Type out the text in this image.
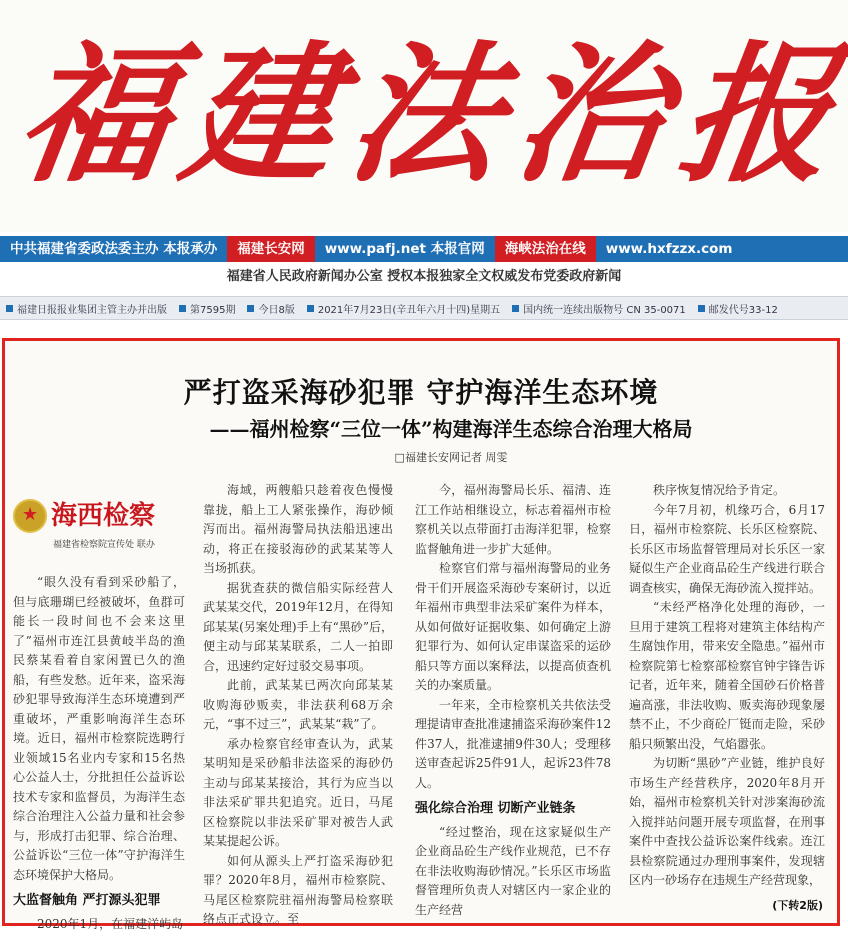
福
建
法
治
报
中共福建省委政法委主办 本报承办	福建长安网	www.pafj.net 本报官网	海峡法治在线	www.hxfzzx.com
福建省人民政府新闻办公室 授权本报独家全文权威发布党委政府新闻
福建日报报业集团主管主办并出版 第7595期 今日8版 2021年7月23日(辛丑年六月十四)星期五 国内统一连续出版物号 CN 35-0071 邮发代号33-12
严打盗采海砂犯罪 守护海洋生态环境
——福州检察“三位一体”构建海洋生态综合治理大格局
□福建长安网记者 周雯
★
海西检察
福建省检察院宣传处 联办

“眼久没有看到采砂船了，但与底珊瑚已经被破坏，鱼群可能长一段时间也不会来这里了”福州市连江县黄岐半岛的渔民蔡某看着自家闲置已久的渔船，有些发愁。近年来，盗采海砂犯罪导致海洋生态环境遭到严重破坏，严重影响海洋生态环境。近日，福州市检察院选聘行业领域15名业内专家和15名热心公益人士，分批担任公益诉讼技术专家和监督员，为海洋生态综合治理注入公益力量和社会参与，形成打击犯罪、综合治理、公益诉讼“三位一体”守护海洋生态环境保护大格局。

大监督触角 严打源头犯罪

2020年1月，在福建洋屿岛

海域，两艘船只趁着夜色慢慢靠拢，船上工人紧张操作，海砂倾泻而出。福州海警局执法船迅速出动，将正在接驳海砂的武某某等人当场抓获。

据犹查获的微信船实际经营人武某某交代，2019年12月，在得知邱某某(另案处理)手上有“黑砂”后，便主动与邱某某联系，二人一拍即合，迅速约定好过驳交易事项。

此前，武某某已两次向邱某某收购海砂贩卖，非法获利68万余元，“事不过三”，武某某“栽”了。

承办检察官经审查认为，武某某明知是采砂船非法盗采的海砂仍主动与邱某某接洽，其行为应当以非法采矿罪共犯追究。近日，马尾区检察院以非法采矿罪对被告人武某某提起公诉。

如何从源头上严打盗采海砂犯罪？2020年8月，福州市检察院、马尾区检察院驻福州海警局检察联络点正式设立。至

今，福州海警局长乐、福清、连江工作站相继设立，标志着福州市检察机关以点带面打击海洋犯罪，检察监督触角进一步扩大延伸。

检察官们常与福州海警局的业务骨干们开展盗采海砂专案研讨，以近年福州市典型非法采矿案件为样本，从如何做好证据收集、如何确定上游犯罪行为、如何认定串谋盗采的运砂船只等方面以案释法，以提高侦查机关的办案质量。

一年来，全市检察机关共依法受理提请审查批准逮捕盗采海砂案件12件37人，批准逮捕9件30人；受理移送审查起诉25件91人，起诉23件78人。

强化综合治理 切断产业链条

“经过整治，现在这家疑似生产企业商品砼生产线作业规范，已不存在非法收购海砂情况。”长乐区市场监督管理所负责人对辖区内一家企业的生产经营

秩序恢复情况给予肯定。

今年7月初，机缘巧合，6月17日，福州市检察院、长乐区检察院、长乐区市场监督管理局对长乐区一家疑似生产企业商品砼生产线进行联合调查核实，确保无海砂流入搅拌站。

“未经严格净化处理的海砂，一旦用于建筑工程将对建筑主体结构产生腐蚀作用，带来安全隐患。”福州市检察院第七检察部检察官钟宇锋告诉记者，近年来，随着全国砂石价格普遍高涨，非法收购、贩卖海砂现象屡禁不止，不少商砼厂铤而走险，采砂船只频繁出没，气焰嚣张。

为切断“黑砂”产业链，维护良好市场生产经营秩序，2020年8月开始，福州市检察机关针对涉案海砂流入搅拌站问题开展专项监督，在刑事案件中查找公益诉讼案件线索。连江县检察院通过办理刑事案件，发现辖区内一砂场存在违规生产经营现象，

(下转2版)
